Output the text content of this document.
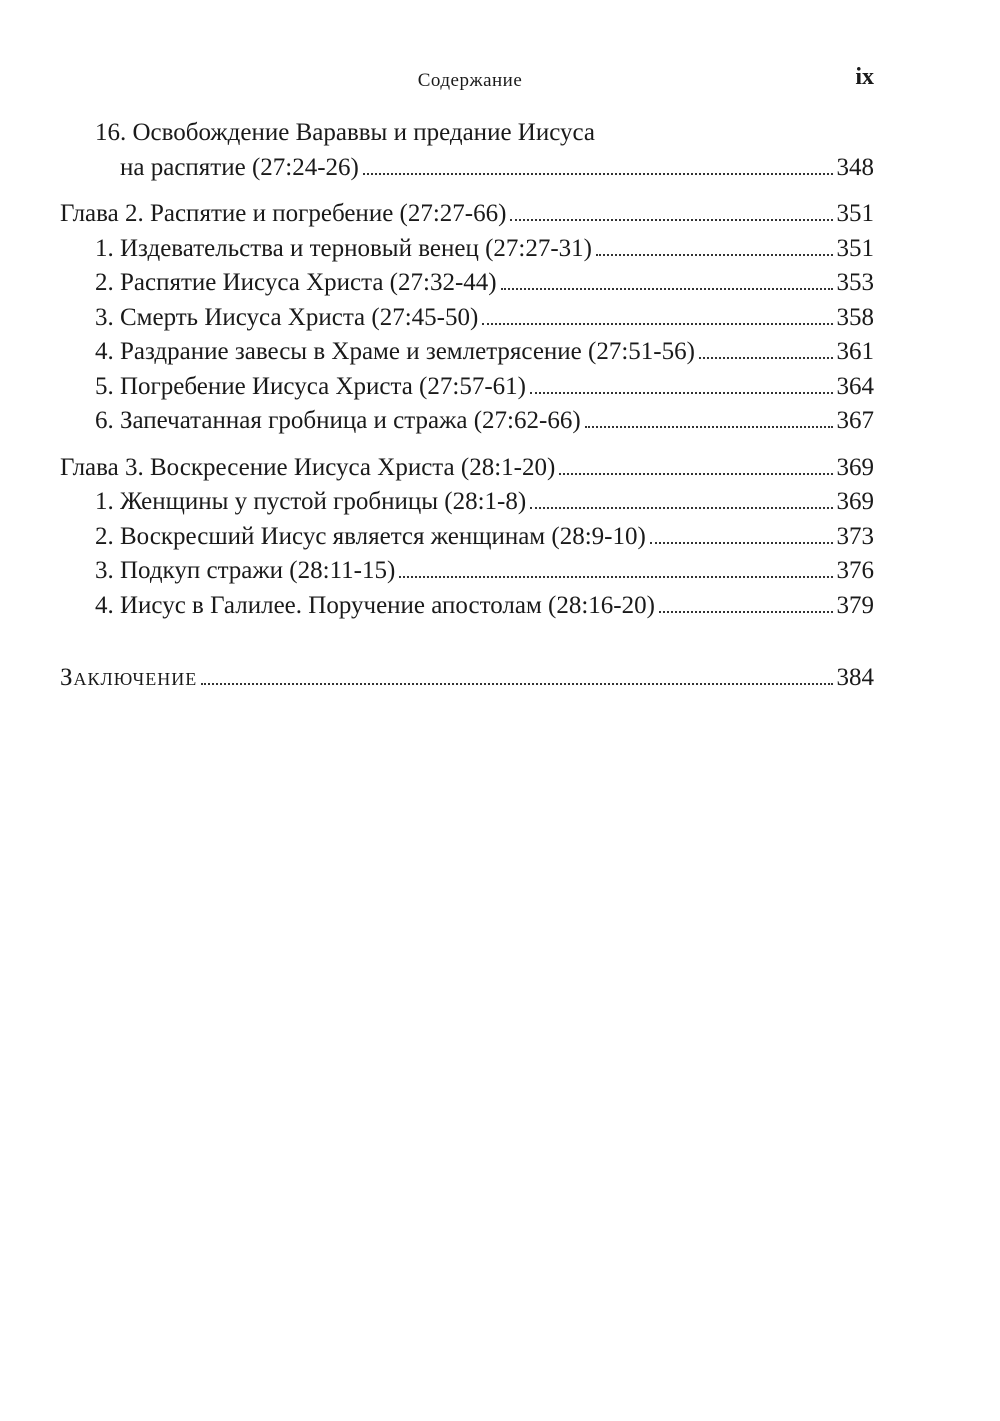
Содержание	ix
16. Освобождение Вараввы и предание Иисуса
на распятие (27:24-26)	348
Глава 2. Распятие и погребение (27:27-66)	351
1. Издевательства и терновый венец (27:27-31)	351
2. Распятие Иисуса Христа (27:32-44)	353
3. Смерть Иисуса Христа (27:45-50)	358
4. Раздрание завесы в Храме и землетрясение (27:51-56)	361
5. Погребение Иисуса Христа (27:57-61)	364
6. Запечатанная гробница и стража (27:62-66)	367
Глава 3. Воскресение Иисуса Христа (28:1-20)	369
1. Женщины у пустой гробницы (28:1-8)	369
2. Воскресший Иисус является женщинам (28:9-10)	373
3. Подкуп стражи (28:11-15)	376
4. Иисус в Галилее. Поручение апостолам (28:16-20)	379
Заключение	384
